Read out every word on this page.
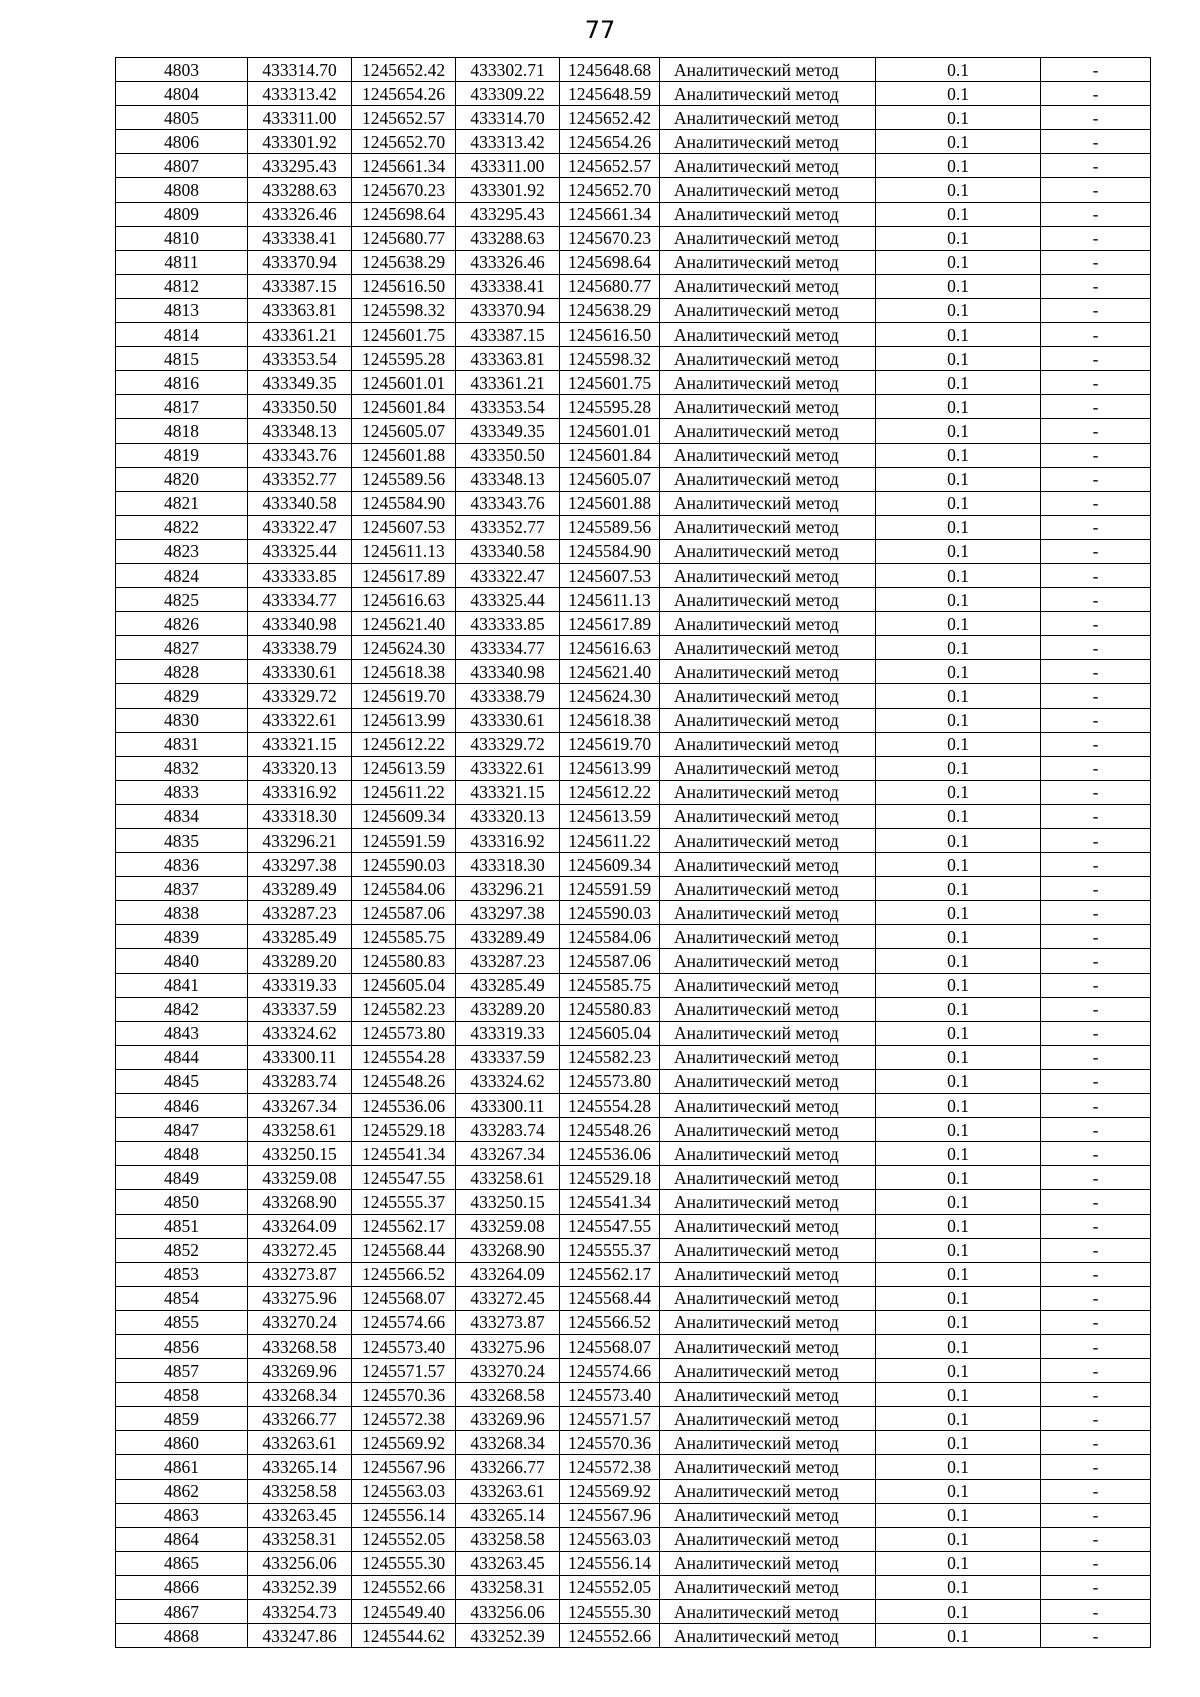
77
4803	433314.70	1245652.42	433302.71	1245648.68	Аналитический метод	0.1	-
4804	433313.42	1245654.26	433309.22	1245648.59	Аналитический метод	0.1	-
4805	433311.00	1245652.57	433314.70	1245652.42	Аналитический метод	0.1	-
4806	433301.92	1245652.70	433313.42	1245654.26	Аналитический метод	0.1	-
4807	433295.43	1245661.34	433311.00	1245652.57	Аналитический метод	0.1	-
4808	433288.63	1245670.23	433301.92	1245652.70	Аналитический метод	0.1	-
4809	433326.46	1245698.64	433295.43	1245661.34	Аналитический метод	0.1	-
4810	433338.41	1245680.77	433288.63	1245670.23	Аналитический метод	0.1	-
4811	433370.94	1245638.29	433326.46	1245698.64	Аналитический метод	0.1	-
4812	433387.15	1245616.50	433338.41	1245680.77	Аналитический метод	0.1	-
4813	433363.81	1245598.32	433370.94	1245638.29	Аналитический метод	0.1	-
4814	433361.21	1245601.75	433387.15	1245616.50	Аналитический метод	0.1	-
4815	433353.54	1245595.28	433363.81	1245598.32	Аналитический метод	0.1	-
4816	433349.35	1245601.01	433361.21	1245601.75	Аналитический метод	0.1	-
4817	433350.50	1245601.84	433353.54	1245595.28	Аналитический метод	0.1	-
4818	433348.13	1245605.07	433349.35	1245601.01	Аналитический метод	0.1	-
4819	433343.76	1245601.88	433350.50	1245601.84	Аналитический метод	0.1	-
4820	433352.77	1245589.56	433348.13	1245605.07	Аналитический метод	0.1	-
4821	433340.58	1245584.90	433343.76	1245601.88	Аналитический метод	0.1	-
4822	433322.47	1245607.53	433352.77	1245589.56	Аналитический метод	0.1	-
4823	433325.44	1245611.13	433340.58	1245584.90	Аналитический метод	0.1	-
4824	433333.85	1245617.89	433322.47	1245607.53	Аналитический метод	0.1	-
4825	433334.77	1245616.63	433325.44	1245611.13	Аналитический метод	0.1	-
4826	433340.98	1245621.40	433333.85	1245617.89	Аналитический метод	0.1	-
4827	433338.79	1245624.30	433334.77	1245616.63	Аналитический метод	0.1	-
4828	433330.61	1245618.38	433340.98	1245621.40	Аналитический метод	0.1	-
4829	433329.72	1245619.70	433338.79	1245624.30	Аналитический метод	0.1	-
4830	433322.61	1245613.99	433330.61	1245618.38	Аналитический метод	0.1	-
4831	433321.15	1245612.22	433329.72	1245619.70	Аналитический метод	0.1	-
4832	433320.13	1245613.59	433322.61	1245613.99	Аналитический метод	0.1	-
4833	433316.92	1245611.22	433321.15	1245612.22	Аналитический метод	0.1	-
4834	433318.30	1245609.34	433320.13	1245613.59	Аналитический метод	0.1	-
4835	433296.21	1245591.59	433316.92	1245611.22	Аналитический метод	0.1	-
4836	433297.38	1245590.03	433318.30	1245609.34	Аналитический метод	0.1	-
4837	433289.49	1245584.06	433296.21	1245591.59	Аналитический метод	0.1	-
4838	433287.23	1245587.06	433297.38	1245590.03	Аналитический метод	0.1	-
4839	433285.49	1245585.75	433289.49	1245584.06	Аналитический метод	0.1	-
4840	433289.20	1245580.83	433287.23	1245587.06	Аналитический метод	0.1	-
4841	433319.33	1245605.04	433285.49	1245585.75	Аналитический метод	0.1	-
4842	433337.59	1245582.23	433289.20	1245580.83	Аналитический метод	0.1	-
4843	433324.62	1245573.80	433319.33	1245605.04	Аналитический метод	0.1	-
4844	433300.11	1245554.28	433337.59	1245582.23	Аналитический метод	0.1	-
4845	433283.74	1245548.26	433324.62	1245573.80	Аналитический метод	0.1	-
4846	433267.34	1245536.06	433300.11	1245554.28	Аналитический метод	0.1	-
4847	433258.61	1245529.18	433283.74	1245548.26	Аналитический метод	0.1	-
4848	433250.15	1245541.34	433267.34	1245536.06	Аналитический метод	0.1	-
4849	433259.08	1245547.55	433258.61	1245529.18	Аналитический метод	0.1	-
4850	433268.90	1245555.37	433250.15	1245541.34	Аналитический метод	0.1	-
4851	433264.09	1245562.17	433259.08	1245547.55	Аналитический метод	0.1	-
4852	433272.45	1245568.44	433268.90	1245555.37	Аналитический метод	0.1	-
4853	433273.87	1245566.52	433264.09	1245562.17	Аналитический метод	0.1	-
4854	433275.96	1245568.07	433272.45	1245568.44	Аналитический метод	0.1	-
4855	433270.24	1245574.66	433273.87	1245566.52	Аналитический метод	0.1	-
4856	433268.58	1245573.40	433275.96	1245568.07	Аналитический метод	0.1	-
4857	433269.96	1245571.57	433270.24	1245574.66	Аналитический метод	0.1	-
4858	433268.34	1245570.36	433268.58	1245573.40	Аналитический метод	0.1	-
4859	433266.77	1245572.38	433269.96	1245571.57	Аналитический метод	0.1	-
4860	433263.61	1245569.92	433268.34	1245570.36	Аналитический метод	0.1	-
4861	433265.14	1245567.96	433266.77	1245572.38	Аналитический метод	0.1	-
4862	433258.58	1245563.03	433263.61	1245569.92	Аналитический метод	0.1	-
4863	433263.45	1245556.14	433265.14	1245567.96	Аналитический метод	0.1	-
4864	433258.31	1245552.05	433258.58	1245563.03	Аналитический метод	0.1	-
4865	433256.06	1245555.30	433263.45	1245556.14	Аналитический метод	0.1	-
4866	433252.39	1245552.66	433258.31	1245552.05	Аналитический метод	0.1	-
4867	433254.73	1245549.40	433256.06	1245555.30	Аналитический метод	0.1	-
4868	433247.86	1245544.62	433252.39	1245552.66	Аналитический метод	0.1	-
